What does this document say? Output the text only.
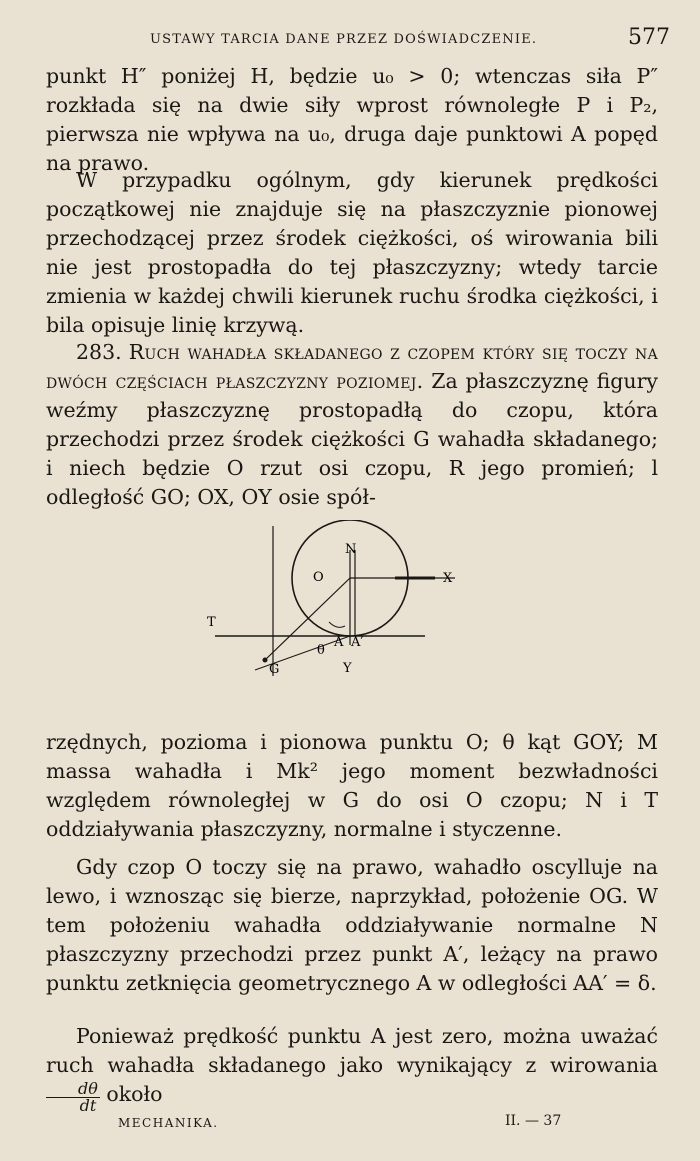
USTAWY TARCIA DANE PRZEZ DOŚWIADCZENIE.	577

punkt H″ poniżej H, będzie u₀ > 0; wtenczas siła P″ rozkłada się na dwie siły wprost równoległe P i P₂, pierwsza nie wpływa na u₀, druga daje punktowi A popęd na prawo.

W przypadku ogólnym, gdy kierunek prędkości początkowej nie znajduje się na płaszczyznie pionowej przechodzącej przez środek ciężkości, oś wirowania bili nie jest prostopadła do tej płaszczyzny; wtedy tarcie zmienia w każdej chwili kierunek ruchu środka ciężkości, i bila opisuje linię krzywą.

283. Ruch wahadła składanego z czopem który się toczy na dwóch częściach płaszczyzny poziomej. Za płaszczyznę figury weźmy płaszczyznę prostopadłą do czopu, która przechodzi przez środek ciężkości G wahadła składanego; i niech będzie O rzut osi czopu, R jego promień; l odległość GO; OX, OY osie spół-

N
O	X
T
A′
A
θ
Y
G

rzędnych, pozioma i pionowa punktu O; θ kąt GOY; M massa wahadła i Mk² jego moment bezwładności względem równoległej w G do osi O czopu; N i T oddziaływania płaszczyzny, normalne i styczenne.

Gdy czop O toczy się na prawo, wahadło oscylluje na lewo, i wznosząc się bierze, naprzykład, położenie OG. W tem położeniu wahadła oddziaływanie normalne N płaszczyzny przechodzi przez punkt A′, leżący na prawo punktu zetknięcia geometrycznego A w odległości AA′ = δ.

Ponieważ prędkość punktu A jest zero, można uważać ruch wahadła składanego jako wynikający z wirowania
$\frac{d\theta}{dt}$ około

MECHANIKA.	II. — 37
